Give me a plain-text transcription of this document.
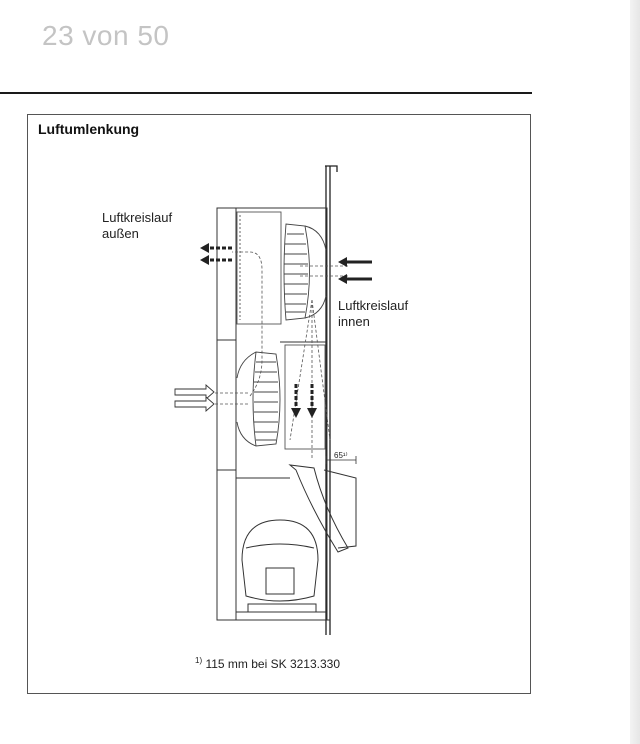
23 von 50
Luftumlenkung
Luftkreislauf
außen
Luftkreislauf
innen
65¹⁾
$^{1)}$ 115 mm bei SK 3213.330
